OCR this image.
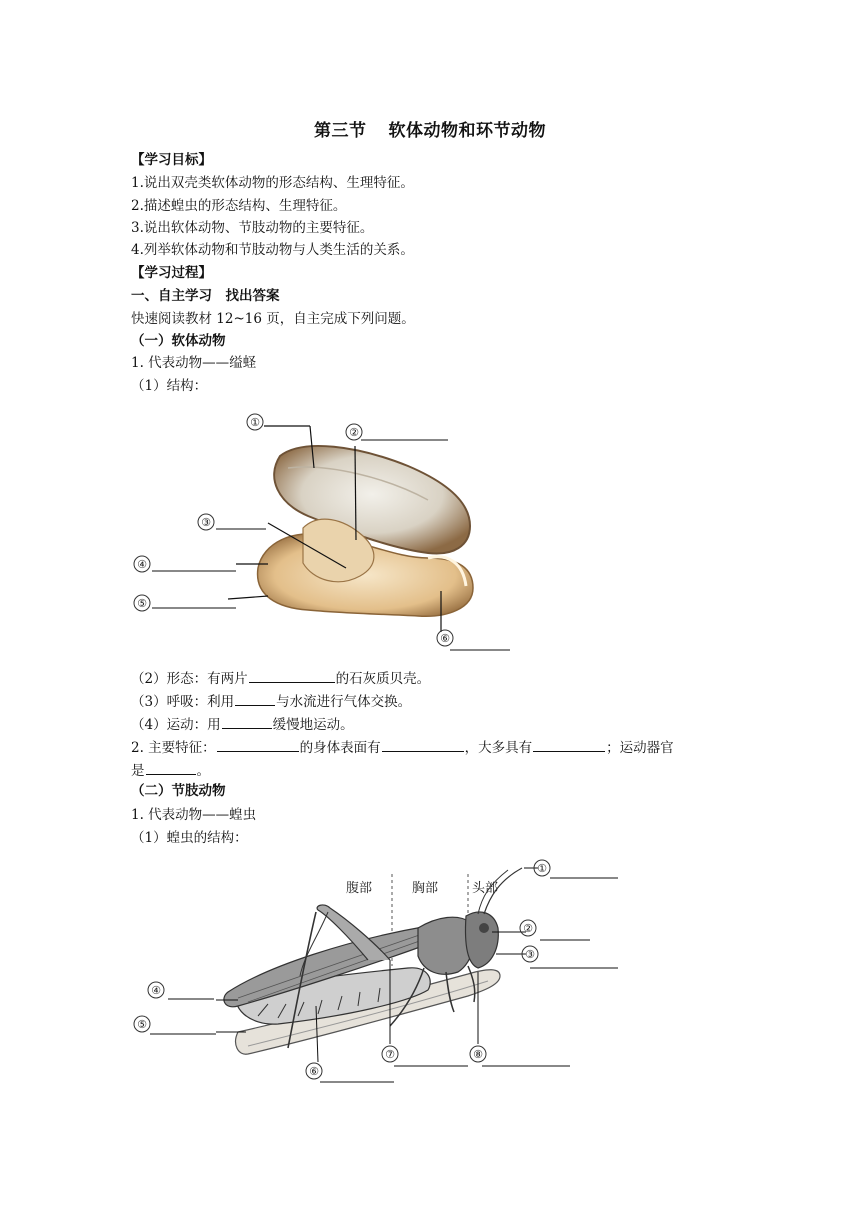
第三节 软体动物和环节动物
【学习目标】
1.说出双壳类软体动物的形态结构、生理特征。
2.描述蝗虫的形态结构、生理特征。
3.说出软体动物、节肢动物的主要特征。
4.列举软体动物和节肢动物与人类生活的关系。
【学习过程】
一、自主学习　找出答案
快速阅读教材 12~16 页，自主完成下列问题。
（一）软体动物
1. 代表动物——缢蛏
（1）结构：
①
②
③
④
⑤
⑥
（2）形态：有两片	的石灰质贝壳。
（3）呼吸：利用	与水流进行气体交换。
（4）运动：用	缓慢地运动。
2. 主要特征：	的身体表面有	，大多具有	；运动器官
是	。
（二）节肢动物
1. 代表动物——蝗虫
（1）蝗虫的结构：
腹部	胸部	头部
①
②
③
④
⑤
⑥
⑦	⑧
